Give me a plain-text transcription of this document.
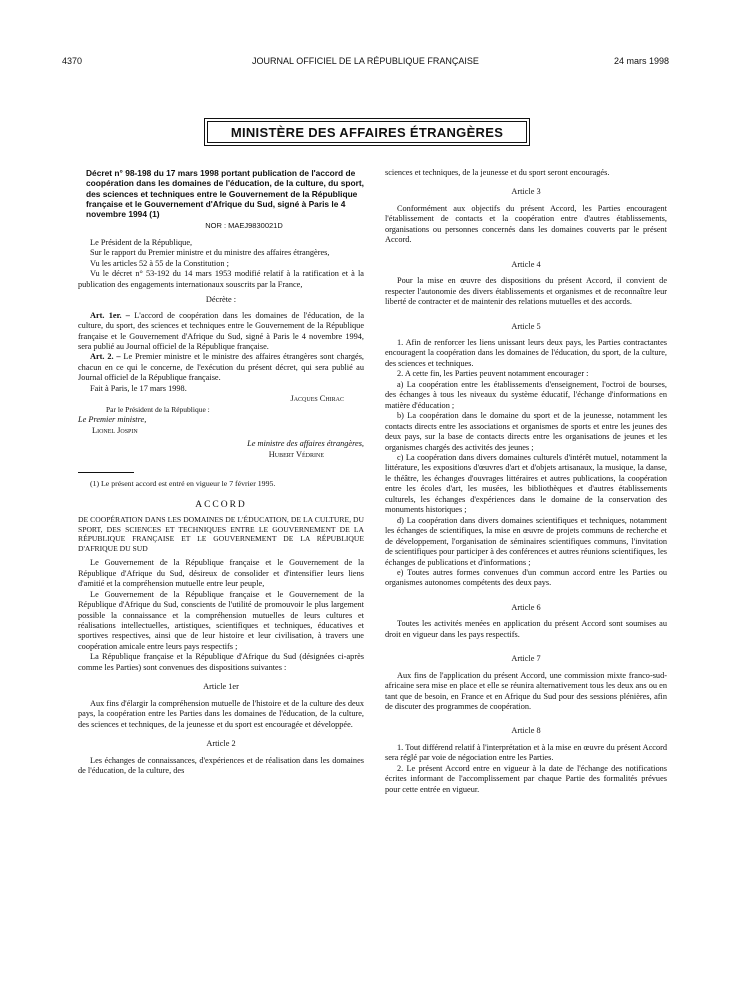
4370	JOURNAL OFFICIEL DE LA RÉPUBLIQUE FRANÇAISE	24 mars 1998
MINISTÈRE DES AFFAIRES ÉTRANGÈRES

Décret n° 98-198 du 17 mars 1998 portant publication de l'accord de coopération dans les domaines de l'éducation, de la culture, du sport, des sciences et techniques entre le Gouvernement de la République française et le Gouvernement d'Afrique du Sud, signé à Paris le 4 novembre 1994 (1)

NOR : MAEJ9830021D

Le Président de la République,

Sur le rapport du Premier ministre et du ministre des affaires étrangères,

Vu les articles 52 à 55 de la Constitution ;

Vu le décret n° 53-192 du 14 mars 1953 modifié relatif à la ratification et à la publication des engagements internationaux souscrits par la France,

Décrète :

Art. 1er. – L'accord de coopération dans les domaines de l'éducation, de la culture, du sport, des sciences et techniques entre le Gouvernement de la République française et le Gouvernement d'Afrique du Sud, signé à Paris le 4 novembre 1994, sera publié au Journal officiel de la République française.

Art. 2. – Le Premier ministre et le ministre des affaires étrangères sont chargés, chacun en ce qui le concerne, de l'exécution du présent décret, qui sera publié au Journal officiel de la République française.

Fait à Paris, le 17 mars 1998.

Jacques Chirac

Par le Président de la République :

Le Premier ministre,

Lionel Jospin

Le ministre des affaires étrangères,

Hubert Védrine

(1) Le présent accord est entré en vigueur le 7 février 1995.

ACCORD

DE COOPÉRATION DANS LES DOMAINES DE L'ÉDUCATION, DE LA CULTURE, DU SPORT, DES SCIENCES ET TECHNIQUES ENTRE LE GOUVERNEMENT DE LA RÉPUBLIQUE FRANÇAISE ET LE GOUVERNEMENT DE LA RÉPUBLIQUE D'AFRIQUE DU SUD

Le Gouvernement de la République française et le Gouvernement de la République d'Afrique du Sud, désireux de consolider et d'intensifier leurs liens d'amitié et la compréhension mutuelle entre leur peuple,

Le Gouvernement de la République française et le Gouvernement de la République d'Afrique du Sud, conscients de l'utilité de promouvoir le plus largement possible la connaissance et la compréhension mutuelles de leurs cultures et réalisations intellectuelles, artistiques, scientifiques et techniques, éducatives et sportives respectives, ainsi que de leur histoire et leur civilisation, à travers une coopération amicale entre leurs pays respectifs ;

La République française et la République d'Afrique du Sud (désignées ci-après comme les Parties) sont convenues des dispositions suivantes :

Article 1er

Aux fins d'élargir la compréhension mutuelle de l'histoire et de la culture des deux pays, la coopération entre les Parties dans les domaines de l'éducation, de la culture, des sciences et techniques, de la jeunesse et du sport est encouragée et développée.

Article 2

Les échanges de connaissances, d'expériences et de réalisation dans les domaines de l'éducation, de la culture, des

sciences et techniques, de la jeunesse et du sport seront encouragés.

Article 3

Conformément aux objectifs du présent Accord, les Parties encouragent l'établissement de contacts et la coopération entre d'autres établissements, organisations ou personnes concernés dans les domaines couverts par le présent Accord.

Article 4

Pour la mise en œuvre des dispositions du présent Accord, il convient de respecter l'autonomie des divers établissements et organismes et de reconnaître leur liberté de contracter et de maintenir des relations mutuelles et des accords.

Article 5

1. Afin de renforcer les liens unissant leurs deux pays, les Parties contractantes encouragent la coopération dans les domaines de l'éducation, du sport, de la culture, des sciences et techniques.

2. A cette fin, les Parties peuvent notamment encourager :

a) La coopération entre les établissements d'enseignement, l'octroi de bourses, des échanges à tous les niveaux du système éducatif, l'échange d'informations en matière d'éducation ;

b) La coopération dans le domaine du sport et de la jeunesse, notamment les contacts directs entre les associations et organismes de sports et entre les jeunes des deux pays, sur la base de contacts directs entre les organisations de jeunes et les organismes chargés des activités des jeunes ;

c) La coopération dans divers domaines culturels d'intérêt mutuel, notamment la littérature, les expositions d'œuvres d'art et d'objets artisanaux, la musique, la danse, le théâtre, les échanges d'ouvrages littéraires et autres publications, la coopération entre les écoles d'art, les musées, les bibliothèques et d'autres établissements culturels, les échanges d'expériences dans le domaine de la conservation des monuments historiques ;

d) La coopération dans divers domaines scientifiques et techniques, notamment les échanges de scientifiques, la mise en œuvre de projets communs de recherche et de développement, l'organisation de séminaires scientifiques communs, l'invitation de scientifiques pour participer à des conférences et autres réunions scientifiques, les échanges de publications et d'informations ;

e) Toutes autres formes convenues d'un commun accord entre les Parties ou organismes autonomes compétents des deux pays.

Article 6

Toutes les activités menées en application du présent Accord sont soumises au droit en vigueur dans les pays respectifs.

Article 7

Aux fins de l'application du présent Accord, une commission mixte franco-sud-africaine sera mise en place et elle se réunira alternativement tous les deux ans ou en tant que de besoin, en France et en Afrique du Sud pour des sessions plénières, afin de discuter des programmes de coopération.

Article 8

1. Tout différend relatif à l'interprétation et à la mise en œuvre du présent Accord sera réglé par voie de négociation entre les Parties.

2. Le présent Accord entre en vigueur à la date de l'échange des notifications écrites informant de l'accomplissement par chaque Partie des formalités prévues pour cette entrée en vigueur.
